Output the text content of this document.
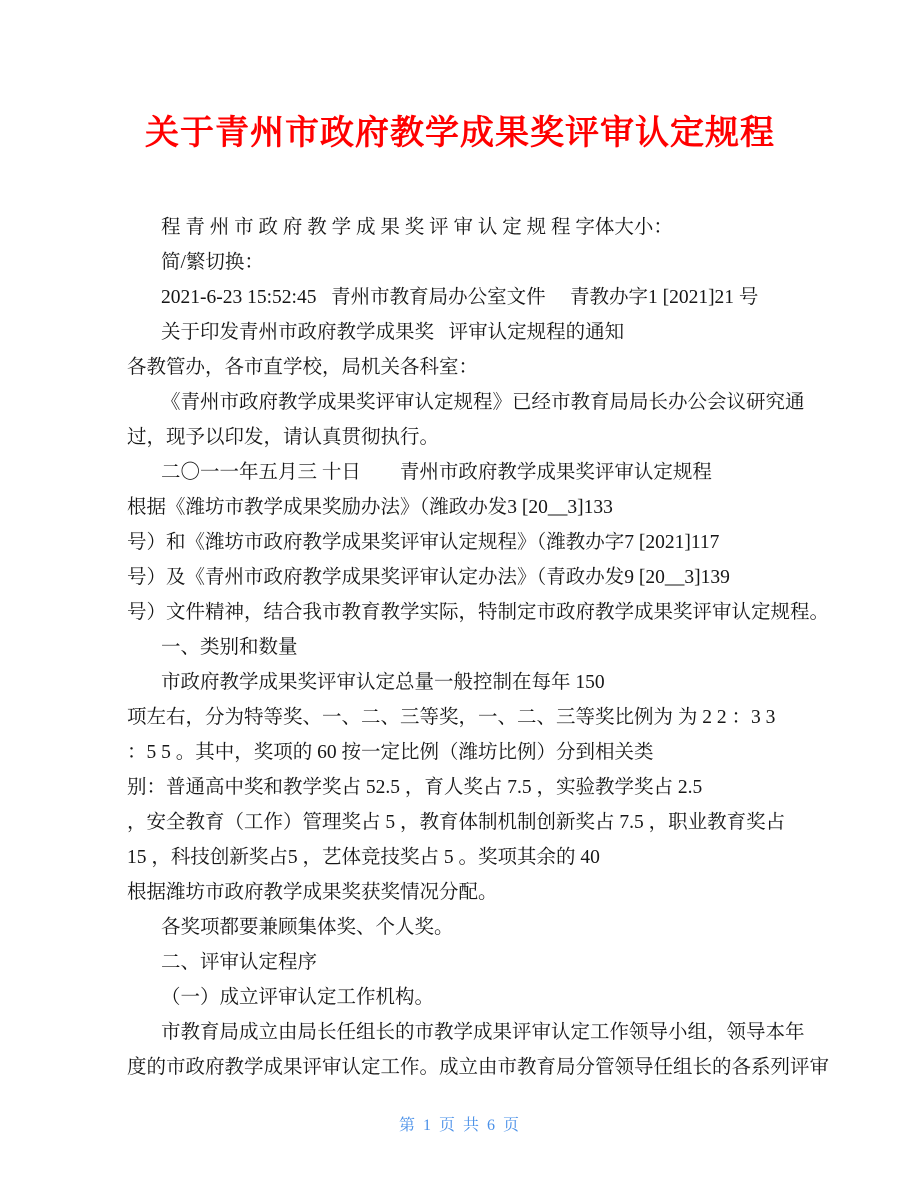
关于青州市政府教学成果奖评审认定规程
程 青 州 市 政 府 教 学 成 果 奖 评 审 认 定 规 程 字体大小：
简/繁切换：
2021-6-23 15:52:45   青州市教育局办公室文件     青教办字1 [2021]21 号
关于印发青州市政府教学成果奖   评审认定规程的通知
各教管办，各市直学校，局机关各科室：
《青州市政府教学成果奖评审认定规程》已经市教育局局长办公会议研究通
过，现予以印发，请认真贯彻执行。
二〇一一年五月三 十日        青州市政府教学成果奖评审认定规程
根据《潍坊市教学成果奖励办法》（潍政办发3 [20__3]133
号）和《潍坊市政府教学成果奖评审认定规程》（潍教办字7 [2021]117
号）及《青州市政府教学成果奖评审认定办法》（青政办发9 [20__3]139
号）文件精神，结合我市教育教学实际，特制定市政府教学成果奖评审认定规程。
一、类别和数量
市政府教学成果奖评审认定总量一般控制在每年 150
项左右，分为特等奖、一、二、三等奖，一、二、三等奖比例为 为 2 2 ：3 3
：5 5 。其中，奖项的 60 按一定比例（潍坊比例）分到相关类
别：普通高中奖和教学奖占 52.5 ，育人奖占 7.5 ，实验教学奖占 2.5
，安全教育（工作）管理奖占 5 ，教育体制机制创新奖占 7.5 ，职业教育奖占
15 ，科技创新奖占5 ，艺体竞技奖占 5 。奖项其余的 40
根据潍坊市政府教学成果奖获奖情况分配。
各奖项都要兼顾集体奖、个人奖。
二、评审认定程序
（一）成立评审认定工作机构。
市教育局成立由局长任组长的市教学成果评审认定工作领导小组，领导本年
度的市政府教学成果评审认定工作。成立由市教育局分管领导任组长的各系列评审
第 1 页 共 6 页
